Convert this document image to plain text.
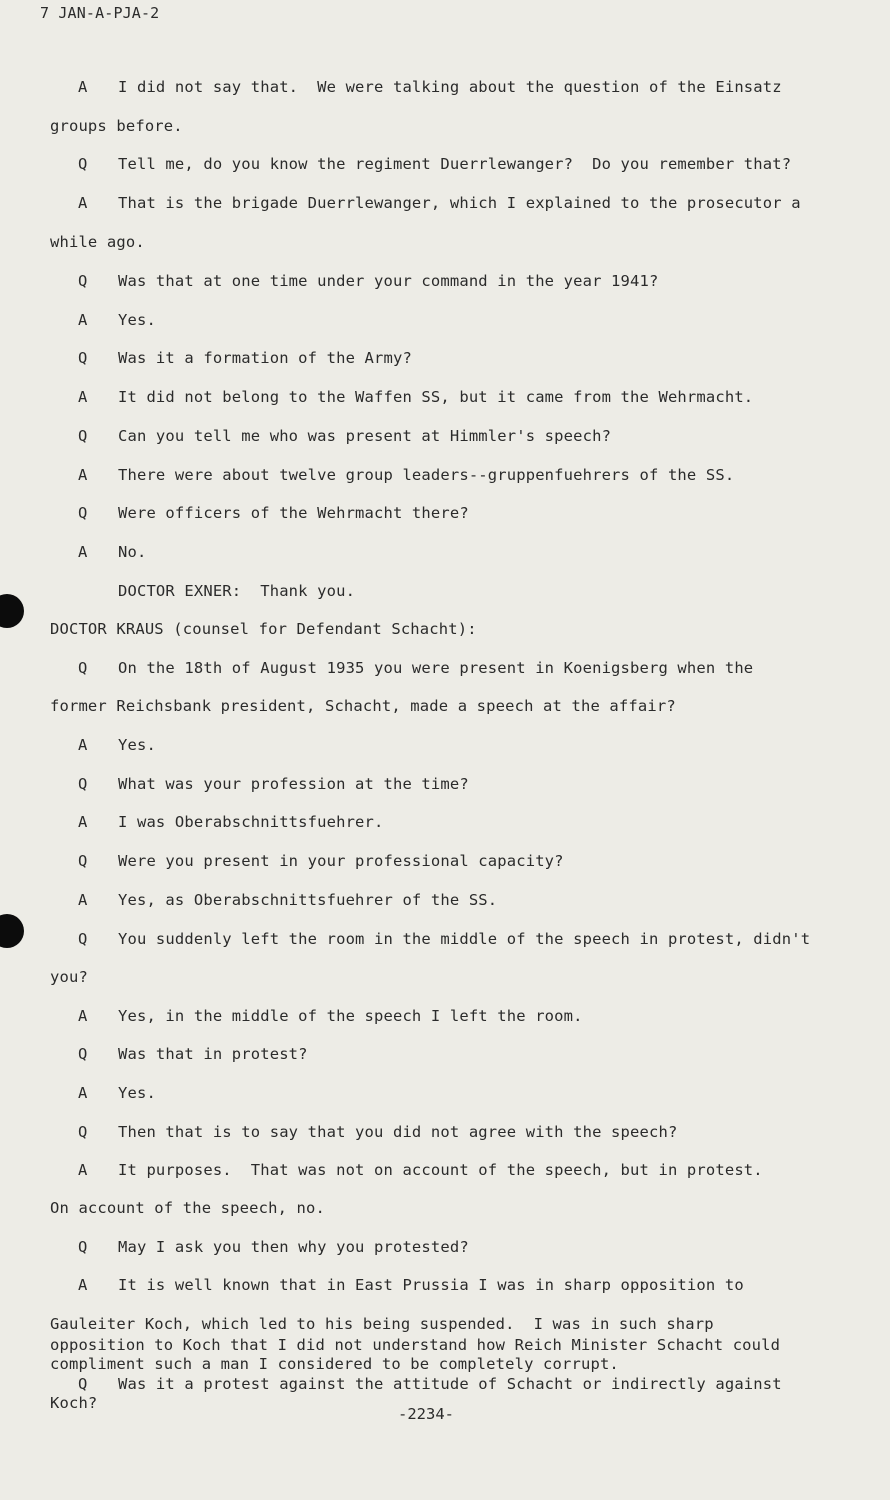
7 JAN-A-PJA-2
A I did not say that.  We were talking about the question of the Einsatz
groups before.
Q Tell me, do you know the regiment Duerrlewanger?  Do you remember that?
A That is the brigade Duerrlewanger, which I explained to the prosecutor a
while ago.
Q Was that at one time under your command in the year 1941?
A Yes.
Q Was it a formation of the Army?
A It did not belong to the Waffen SS, but it came from the Wehrmacht.
Q Can you tell me who was present at Himmler's speech?
A There were about twelve group leaders--gruppenfuehrers of the SS.
Q Were officers of the Wehrmacht there?
A No.
DOCTOR EXNER:  Thank you.
DOCTOR KRAUS (counsel for Defendant Schacht):
Q On the 18th of August 1935 you were present in Koenigsberg when the
former Reichsbank president, Schacht, made a speech at the affair?
A Yes.
Q What was your profession at the time?
A I was Oberabschnittsfuehrer.
Q Were you present in your professional capacity?
A Yes, as Oberabschnittsfuehrer of the SS.
Q You suddenly left the room in the middle of the speech in protest, didn't
you?
A Yes, in the middle of the speech I left the room.
Q Was that in protest?
A Yes.
Q Then that is to say that you did not agree with the speech?
A It purposes.  That was not on account of the speech, but in protest.
On account of the speech, no.
Q May I ask you then why you protested?
A It is well known that in East Prussia I was in sharp opposition to
Gauleiter Koch, which led to his being suspended.  I was in such sharp
opposition to Koch that I did not understand how Reich Minister Schacht could
compliment such a man I considered to be completely corrupt.
Q Was it a protest against the attitude of Schacht or indirectly against
Koch?
-2234-
